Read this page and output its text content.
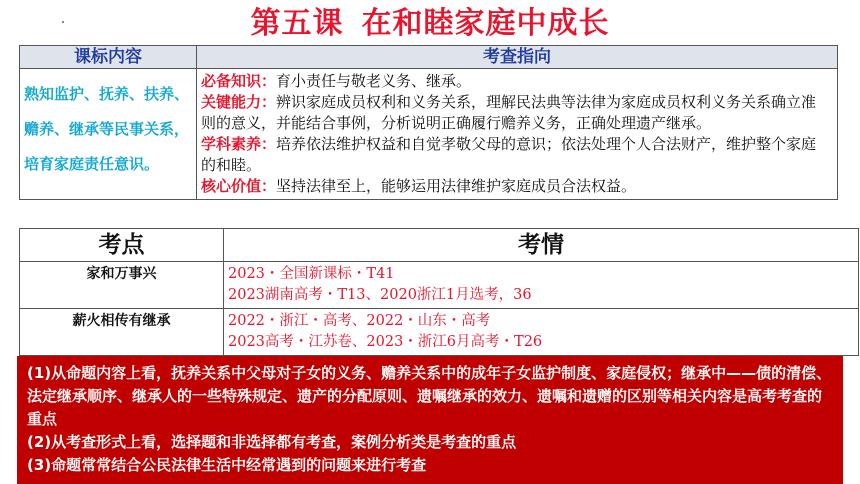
第五课 在和睦家庭中成长
课标内容	考查指向
熟知监护、抚养、扶养、赡养、继承等民事关系，培育家庭责任意识。	必备知识：育小责任与敬老义务、继承。
关键能力：辨识家庭成员权利和义务关系，理解民法典等法律为家庭成员权利义务关系确立准则的意义，并能结合事例，分析说明正确履行赡养义务，正确处理遗产继承。
学科素养：培养依法维护权益和自觉孝敬父母的意识；依法处理个人合法财产，维护整个家庭的和睦。
核心价值：坚持法律至上，能够运用法律维护家庭成员合法权益。
考点	考情
家和万事兴	2023・全国新课标・T41
2023湖南高考・T13、2020浙江1月选考，36

薪火相传有继承	2022・浙江・高考、2022・山东・高考
2023高考・江苏卷、2023・浙江6月高考・T26
(1)从命题内容上看，抚养关系中父母对子女的义务、赡养关系中的成年子女监护制度、家庭侵权；继承中——债的清偿、法定继承顺序、继承人的一些特殊规定、遗产的分配原则、遗嘱继承的效力、遗嘱和遗赠的区别等相关内容是高考考查的重点
(2)从考查形式上看，选择题和非选择都有考查，案例分析类是考查的重点
(3)命题常常结合公民法律生活中经常遇到的问题来进行考查
